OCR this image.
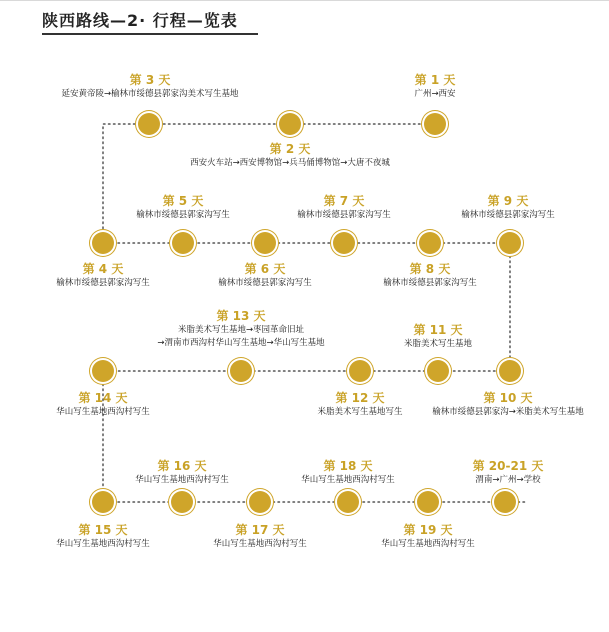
陕西路线—2· 行程—览表
第 3 天
延安黄帝陵→榆林市绥德县郭家沟美术写生基地
第 1 天
广州→西安
第 2 天
西安火车站→西安博物馆→兵马俑博物馆→大唐不夜城
第 5 天
榆林市绥德县郭家沟写生
第 7 天
榆林市绥德县郭家沟写生
第 9 天
榆林市绥德县郭家沟写生
第 4 天
榆林市绥德县郭家沟写生
第 6 天
榆林市绥德县郭家沟写生
第 8 天
榆林市绥德县郭家沟写生
第 13 天
米脂美术写生基地→枣园革命旧址
→渭南市西沟村华山写生基地→华山写生基地
第 11 天
米脂美术写生基地
第 14 天
华山写生基地西沟村写生
第 12 天
米脂美术写生基地写生
第 10 天
榆林市绥德县郭家沟→米脂美术写生基地
第 16 天
华山写生基地西沟村写生
第 18 天
华山写生基地西沟村写生
第 20-21 天
渭南→广州→学校
第 15 天
华山写生基地西沟村写生
第 17 天
华山写生基地西沟村写生
第 19 天
华山写生基地西沟村写生
